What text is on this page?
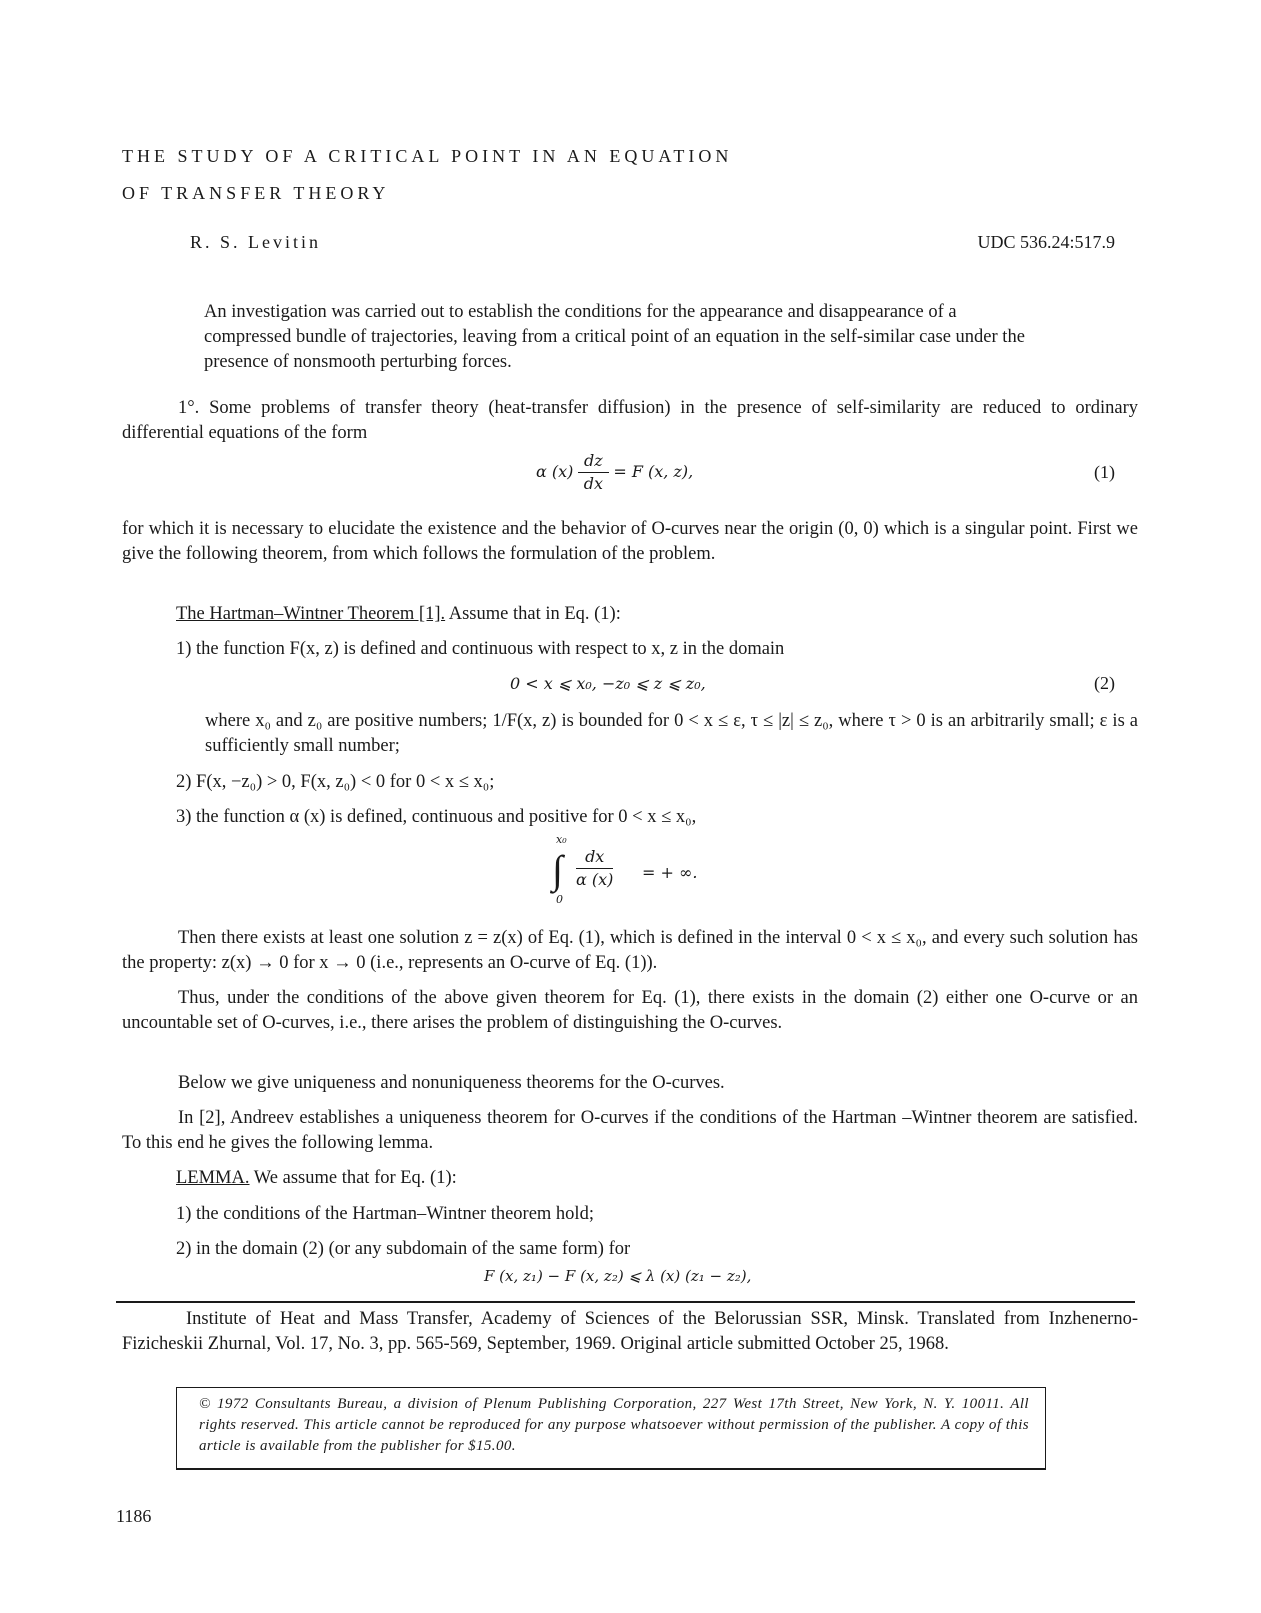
THE STUDY OF A CRITICAL POINT IN AN EQUATION
OF TRANSFER THEORY
R. S. Levitin	UDC 536.24:517.9
An investigation was carried out to establish the conditions for the appearance and disappearance of a compressed bundle of trajectories, leaving from a critical point of an equation in the self-similar case under the presence of nonsmooth perturbing forces.
1°. Some problems of transfer theory (heat-transfer diffusion) in the presence of self-similarity are reduced to ordinary differential equations of the form
α $(x) \frac{dz}{dx} = F$ (x, z),	(1)
for which it is necessary to elucidate the existence and the behavior of O-curves near the origin (0, 0) which is a singular point. First we give the following theorem, from which follows the formulation of the problem.
The Hartman–Wintner Theorem [1]. Assume that in Eq. (1):
1) the function F(x, z) is defined and continuous with respect to x, z in the domain
0 < x ⩽ x₀, −z₀ ⩽ z ⩽ z₀,	(2)
where x₀ and z₀ are positive numbers; 1/F(x, z) is bounded for 0 < x ≤ ε, τ ≤ |z| ≤ z₀, where τ > 0 is an arbitrarily small; ε is a sufficiently small number;
2) F(x, −z₀) > 0, F(x, z₀) < 0 for 0 < x ≤ x₀;
3) the function α (x) is defined, continuous and positive for 0 < x ≤ x₀,
x₀
∫
0
$\frac{dx}{\alpha (x)}$ = + ∞.
Then there exists at least one solution z = z(x) of Eq. (1), which is defined in the interval 0 < x ≤ x₀, and every such solution has the property: z(x) → 0 for x → 0 (i.e., represents an O-curve of Eq. (1)).
Thus, under the conditions of the above given theorem for Eq. (1), there exists in the domain (2) either one O-curve or an uncountable set of O-curves, i.e., there arises the problem of distinguishing the O-curves.
Below we give uniqueness and nonuniqueness theorems for the O-curves.
In [2], Andreev establishes a uniqueness theorem for O-curves if the conditions of the Hartman –Wintner theorem are satisfied. To this end he gives the following lemma.
LEMMA. We assume that for Eq. (1):
1) the conditions of the Hartman–Wintner theorem hold;
2) in the domain (2) (or any subdomain of the same form) for
F (x, z₁) − F (x, z₂) ⩽ λ (x) (z₁ − z₂),
Institute of Heat and Mass Transfer, Academy of Sciences of the Belorussian SSR, Minsk. Translated from Inzhenerno-Fizicheskii Zhurnal, Vol. 17, No. 3, pp. 565-569, September, 1969. Original article submitted October 25, 1968.
© 1972 Consultants Bureau, a division of Plenum Publishing Corporation, 227 West 17th Street, New York, N. Y. 10011. All rights reserved. This article cannot be reproduced for any purpose whatsoever without permission of the publisher. A copy of this article is available from the publisher for $15.00.
1186
